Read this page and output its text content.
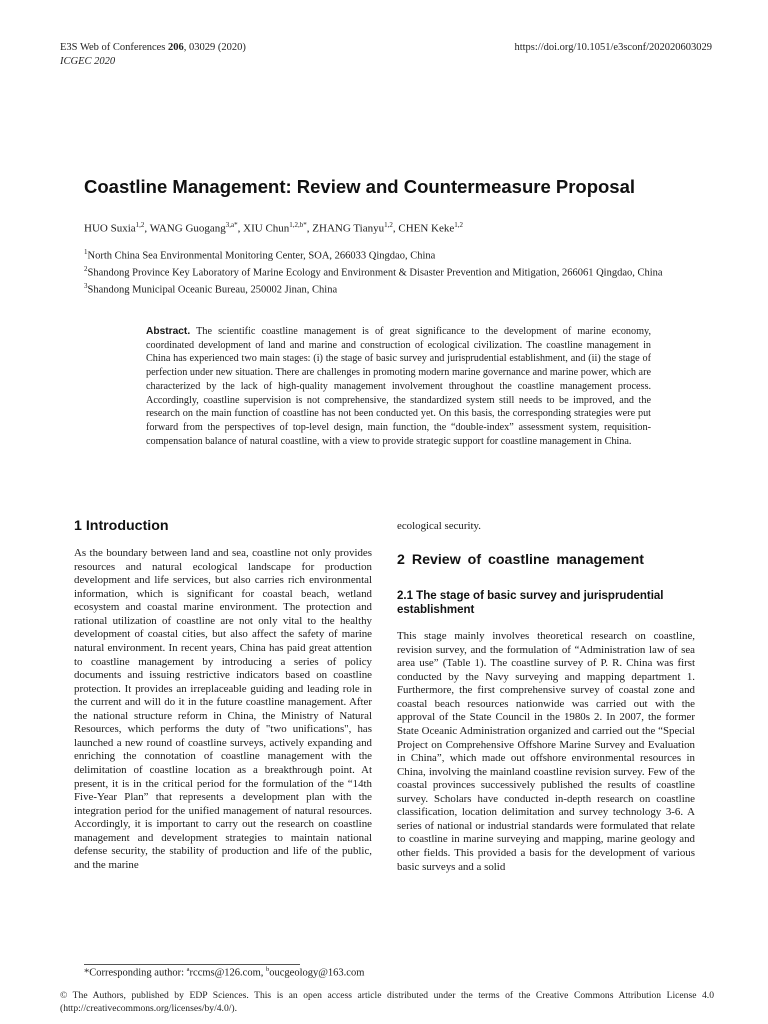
E3S Web of Conferences 206, 03029 (2020)	https://doi.org/10.1051/e3sconf/202020603029
ICGEC 2020
Coastline Management: Review and Countermeasure Proposal
HUO Suxia$^{1,2}$, WANG Guogang$^{3,a*}$, XIU Chun$^{1,2,b*}$, ZHANG Tianyu$^{1,2}$, CHEN Keke$^{1,2}$

$^1$North China Sea Environmental Monitoring Center, SOA, 266033 Qingdao, China

$^2$Shandong Province Key Laboratory of Marine Ecology and Environment & Disaster Prevention and Mitigation, 266061 Qingdao, China

$^3$Shandong Municipal Oceanic Bureau, 250002 Jinan, China

Abstract. The scientific coastline management is of great significance to the development of marine economy, coordinated development of land and marine and construction of ecological civilization. The coastline management in China has experienced two main stages: (i) the stage of basic survey and jurisprudential establishment, and (ii) the stage of perfection under new situation. There are challenges in promoting modern marine governance and marine power, which are characterized by the lack of high-quality management involvement throughout the coastline management process. Accordingly, coastline supervision is not comprehensive, the standardized system still needs to be improved, and the research on the main function of coastline has not been conducted yet. On this basis, the corresponding strategies were put forward from the perspectives of top-level design, main function, the “double-index” assessment system, requisition-compensation balance of natural coastline, with a view to provide strategic support for coastline management in China.
1 Introduction

As the boundary between land and sea, coastline not only provides resources and natural ecological landscape for production development and life services, but also carries rich environmental information, which is significant for coastal beach, wetland ecosystem and coastal marine environment. The protection and rational utilization of coastline are not only vital to the healthy development of coastal cities, but also affect the safety of marine natural environment. In recent years, China has paid great attention to coastline management by introducing a series of policy documents and issuing restrictive indicators based on coastline protection. It provides an irreplaceable guiding and leading role in the current and will do it in the future coastline management. After the national structure reform in China, the Ministry of Natural Resources, which performs the duty of "two unifications", has launched a new round of coastline surveys, actively expanding and enriching the connotation of coastline management with the delimitation of coastline location as a breakthrough point. At present, it is in the critical period for the formulation of the “14th Five-Year Plan” that represents a development plan with the integration period for the unified management of natural resources. Accordingly, it is important to carry out the research on coastline management and development strategies to maintain national defense security, the stability of production and life of the public, and the marine

ecological security.

2 Review of coastline management
2.1 The stage of basic survey and jurisprudential establishment

This stage mainly involves theoretical research on coastline, revision survey, and the formulation of “Administration law of sea area use” (Table 1). The coastline survey of P. R. China was first conducted by the Navy surveying and mapping department 1. Furthermore, the first comprehensive survey of coastal zone and coastal beach resources nationwide was carried out with the approval of the State Council in the 1980s 2. In 2007, the former State Oceanic Administration organized and carried out the “Special Project on Comprehensive Offshore Marine Survey and Evaluation in China”, which made out offshore environmental resources in China, involving the mainland coastline revision survey. Few of the coastal provinces successively published the results of coastline survey. Scholars have conducted in-depth research on coastline classification, location delimitation and survey technology 3-6. A series of national or industrial standards were formulated that relate to coastline in marine surveying and mapping, marine geology and other fields. This provided a basis for the development of various basic surveys and a solid

*Corresponding author: $^a$rccms@126.com, $^b$oucgeology@163.com
© The Authors, published by EDP Sciences. This is an open access article distributed under the terms of the Creative Commons Attribution License 4.0 (http://creativecommons.org/licenses/by/4.0/).
